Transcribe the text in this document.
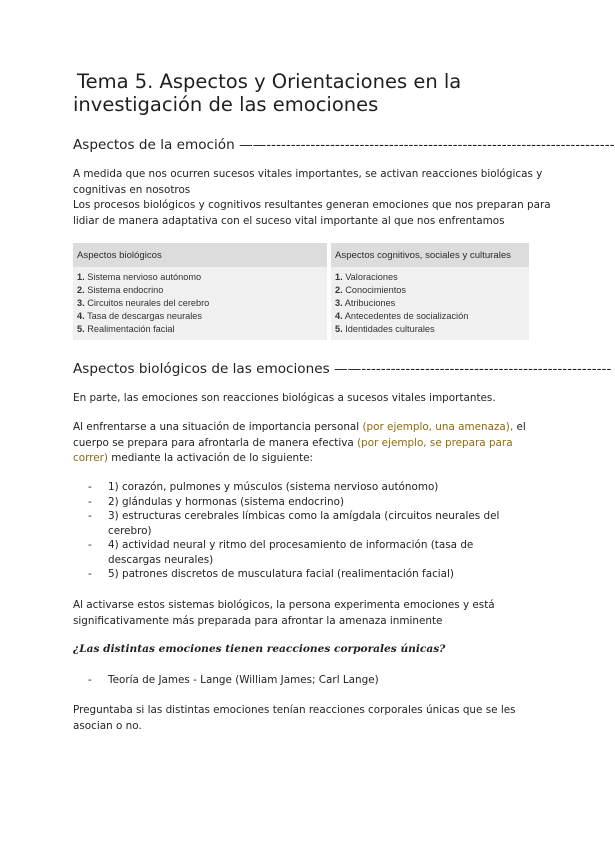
Tema 5. Aspectos y Orientaciones en la
investigación de las emociones
Aspectos de la emoción ——-----------------------------------------------------------------------
A medida que nos ocurren sucesos vitales importantes, se activan reacciones biológicas y
cognitivas en nosotros
Los procesos biológicos y cognitivos resultantes generan emociones que nos preparan para
lidiar de manera adaptativa con el suceso vital importante al que nos enfrentamos
Aspectos biológicos	Aspectos cognitivos, sociales y culturales

1. Sistema nervioso autónomo
2. Sistema endocrino
3. Circuitos neurales del cerebro
4. Tasa de descargas neurales
5. Realimentación facial	1. Valoraciones
2. Conocimientos
3. Atribuciones
4. Antecedentes de socialización
5. Identidades culturales
Aspectos biológicos de las emociones ——---------------------------------------------------

En parte, las emociones son reacciones biológicas a sucesos vitales importantes.

Al enfrentarse a una situación de importancia personal (por ejemplo, una amenaza), el
cuerpo se prepara para afrontarla de manera efectiva (por ejemplo, se prepara para
correr) mediante la activación de lo siguiente:
- 1) corazón, pulmones y músculos (sistema nervioso autónomo)
- 2) glándulas y hormonas (sistema endocrino)
- 3) estructuras cerebrales límbicas como la amígdala (circuitos neurales del cerebro)
- 4) actividad neural y ritmo del procesamiento de información (tasa de descargas neurales)
- 5) patrones discretos de musculatura facial (realimentación facial)
Al activarse estos sistemas biológicos, la persona experimenta emociones y está
significativamente más preparada para afrontar la amenaza inminente
¿Las distintas emociones tienen reacciones corporales únicas?
- Teoría de James - Lange (William James; Carl Lange)
Preguntaba si las distintas emociones tenían reacciones corporales únicas que se les
asocian o no.
